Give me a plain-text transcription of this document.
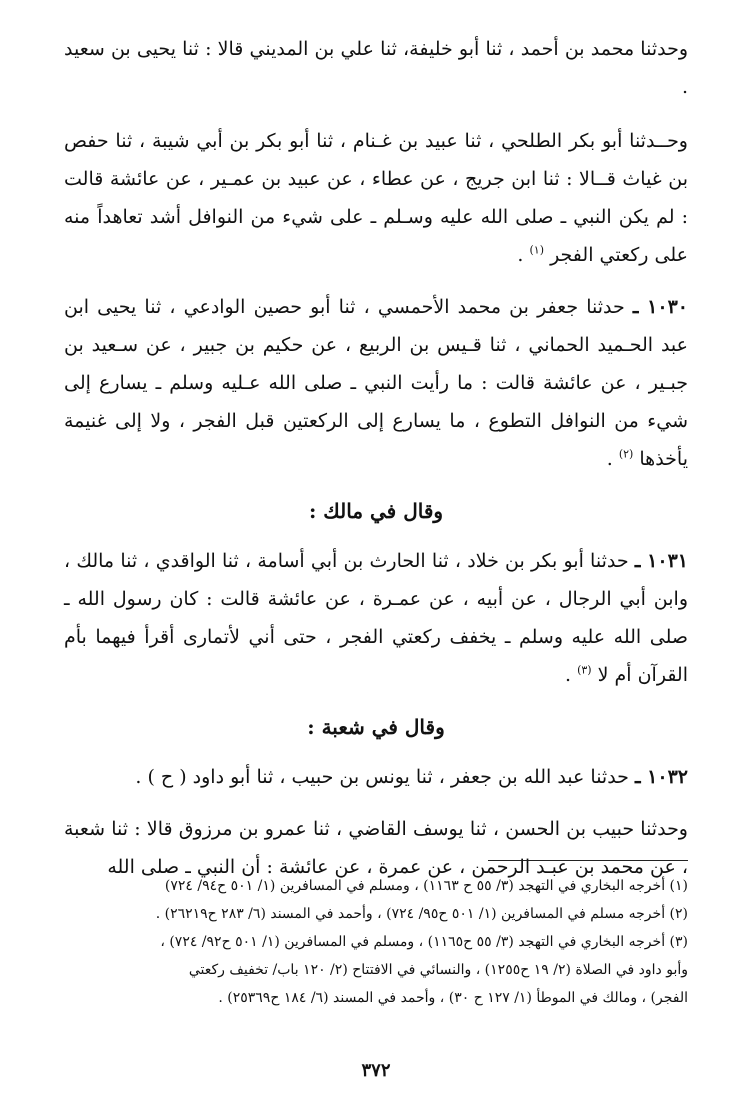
وحدثنا محمد بن أحمد ، ثنا أبو خليفة، ثنا علي بن المديني قالا : ثنا يحيى بن سعيد .

وحــدثنا أبو بكر الطلحي ، ثنا عبيد بن غـنام ، ثنا أبو بكر بن أبي شيبة ، ثنا حفص بن غياث قــالا : ثنا ابن جريج ، عن عطاء ، عن عبيد بن عمـير ، عن عائشة قالت : لم يكن النبي ـ صلى الله عليه وسـلم ـ على شيء من النوافل أشد تعاهداً منه على ركعتي الفجر $^{(١)}$ .

١٠٣٠ ـ حدثنا جعفر بن محمد الأحمسي ، ثنا أبو حصين الوادعي ، ثنا يحيى ابن عبد الحـميد الحماني ، ثنا قـيس بن الربيع ، عن حكيم بن جبير ، عن سـعيد بن جبـير ، عن عائشة قالت : ما رأيت النبي ـ صلى الله عـليه وسلم ـ يسارع إلى شيء من النوافل التطوع ، ما يسارع إلى الركعتين قبل الفجر ، ولا إلى غنيمة يأخذها $^{(٢)}$ .

وقال في مالك :

١٠٣١ ـ حدثنا أبو بكر بن خلاد ، ثنا الحارث بن أبي أسامة ، ثنا الواقدي ، ثنا مالك ، وابن أبي الرجال ، عن أبيه ، عن عمـرة ، عن عائشة قالت : كان رسول الله ـ صلى الله عليه وسلم ـ يخفف ركعتي الفجر ، حتى أني لأتمارى أقرأ فيهما بأم القرآن أم لا $^{(٣)}$ .

وقال في شعبة :

١٠٣٢ ـ حدثنا عبد الله بن جعفر ، ثنا يونس بن حبيب ، ثنا أبو داود ( ح ) .

وحدثنا حبيب بن الحسن ، ثنا يوسف القاضي ، ثنا عمرو بن مرزوق قالا : ثنا شعبة ، عن محمد بن عبـد الرحمن ، عن عمرة ، عن عائشة : أن النبي ـ صلى الله

(١) أخرجه البخاري في التهجد (٣/ ٥٥ ح ١١٦٣) ، ومسلم في المسافرين (١/ ٥٠١ ح٩٤/ ٧٢٤)

(٢) أخرجه مسلم في المسافرين (١/ ٥٠١ ح٩٥/ ٧٢٤) ، وأحمد في المسند (٦/ ٢٨٣ ح٢٦٢١٩) .

(٣) أخرجه البخاري في التهجد (٣/ ٥٥ ح١١٦٥) ، ومسلم في المسافرين (١/ ٥٠١ ح٩٢/ ٧٢٤) ،

وأبو داود في الصلاة (٢/ ١٩ ح١٢٥٥) ، والنسائي في الافتتاح (٢/ ١٢٠ باب/ تخفيف ركعتي

الفجر) ، ومالك في الموطأ (١/ ١٢٧ ح ٣٠) ، وأحمد في المسند (٦/ ١٨٤ ح٢٥٣٦٩) .

٣٧٢
